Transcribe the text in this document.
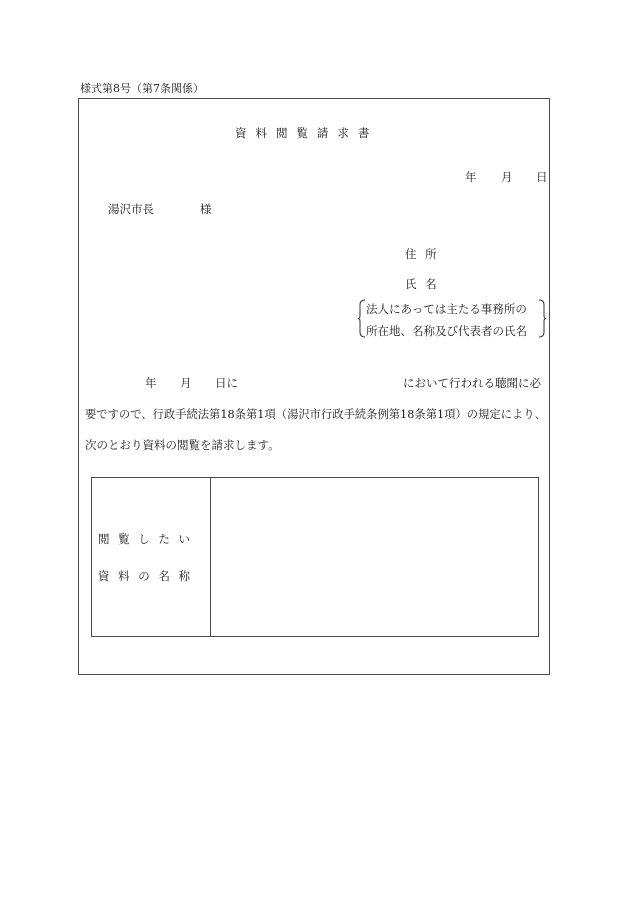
様式第8号（第7条関係）
資料閲覧請求書
年 月 日
湯沢市長	様
住所
氏名
法人にあっては主たる事務所の
所在地、名称及び代表者の氏名
年 月 日に	において行われる聴聞に必
要ですので、行政手続法第18条第1項（湯沢市行政手続条例第18条第1項）の規定により、
次のとおり資料の閲覧を請求します。
閲覧したい
資料の名称
